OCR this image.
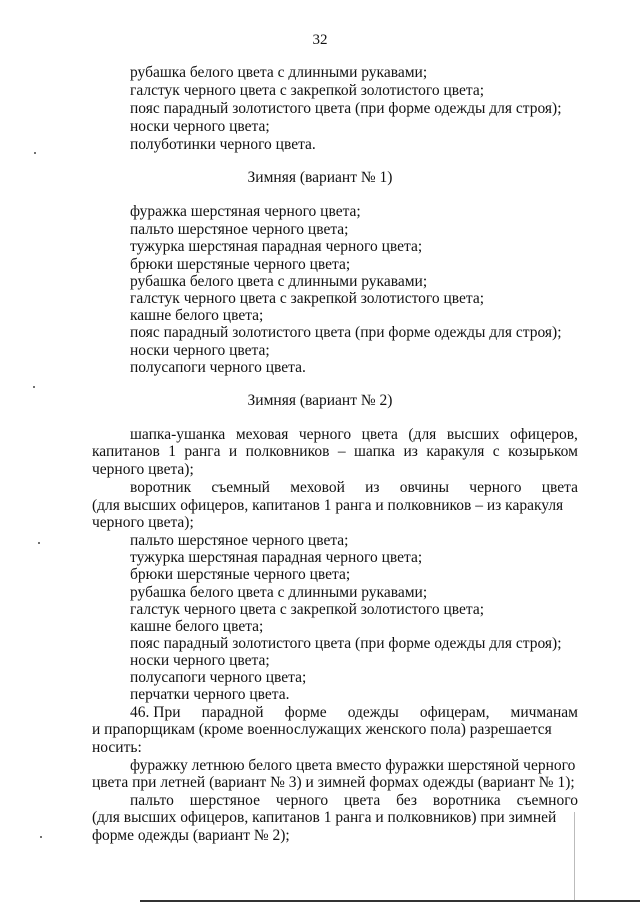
32
рубашка белого цвета с длинными рукавами;
галстук черного цвета с закрепкой золотистого цвета;
пояс парадный золотистого цвета (при форме одежды для строя);
носки черного цвета;
полуботинки черного цвета.
Зимняя (вариант № 1)
фуражка шерстяная черного цвета;
пальто шерстяное черного цвета;
тужурка шерстяная парадная черного цвета;
брюки шерстяные черного цвета;
рубашка белого цвета с длинными рукавами;
галстук черного цвета с закрепкой золотистого цвета;
кашне белого цвета;
пояс парадный золотистого цвета (при форме одежды для строя);
носки черного цвета;
полусапоги черного цвета.
Зимняя (вариант № 2)
шапка-ушанка меховая черного цвета (для высших офицеров,
капитанов 1 ранга и полковников – шапка из каракуля с козырьком
черного цвета);
воротник съемный меховой из овчины черного цвета
(для высших офицеров, капитанов 1 ранга и полковников – из каракуля
черного цвета);
пальто шерстяное черного цвета;
тужурка шерстяная парадная черного цвета;
брюки шерстяные черного цвета;
рубашка белого цвета с длинными рукавами;
галстук черного цвета с закрепкой золотистого цвета;
кашне белого цвета;
пояс парадный золотистого цвета (при форме одежды для строя);
носки черного цвета;
полусапоги черного цвета;
перчатки черного цвета.
46. При парадной форме одежды офицерам, мичманам
и прапорщикам (кроме военнослужащих женского пола) разрешается
носить:
фуражку летнюю белого цвета вместо фуражки шерстяной черного
цвета при летней (вариант № 3) и зимней формах одежды (вариант № 1);
пальто шерстяное черного цвета без воротника съемного
(для высших офицеров, капитанов 1 ранга и полковников) при зимней
форме одежды (вариант № 2);
